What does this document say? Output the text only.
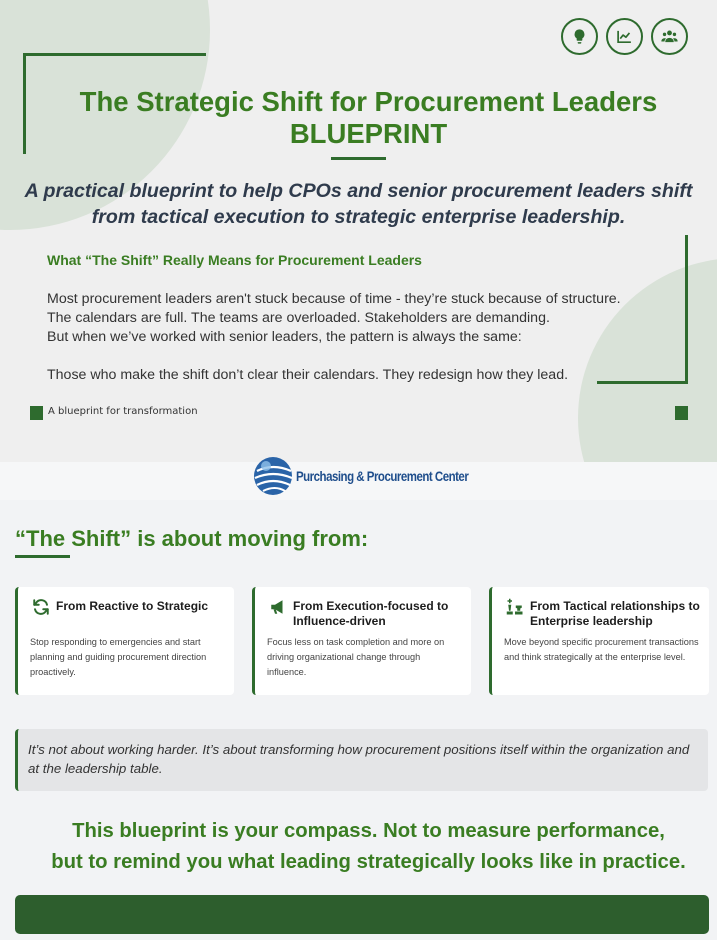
The Strategic Shift for Procurement Leaders
BLUEPRINT

A practical blueprint to help CPOs and senior procurement leaders shift from tactical execution to strategic enterprise leadership.

What “The Shift” Really Means for Procurement Leaders

Most procurement leaders aren't stuck because of time - they’re stuck because of structure.

The calendars are full. The teams are overloaded. Stakeholders are demanding.

But when we’ve worked with senior leaders, the pattern is always the same:

Those who make the shift don’t clear their calendars. They redesign how they lead.

A blueprint for transformation
Purchasing & Procurement Center
“The Shift” is about moving from:
From Reactive to Strategic
Stop responding to emergencies and start planning and guiding procurement direction proactively.
From Execution-focused to Influence-driven
Focus less on task completion and more on driving organizational change through influence.
From Tactical relationships to Enterprise leadership
Move beyond specific procurement transactions and think strategically at the enterprise level.

It’s not about working harder. It’s about transforming how procurement positions itself within the organization and at the leadership table.

This blueprint is your compass. Not to measure performance,
but to remind you what leading strategically looks like in practice.
